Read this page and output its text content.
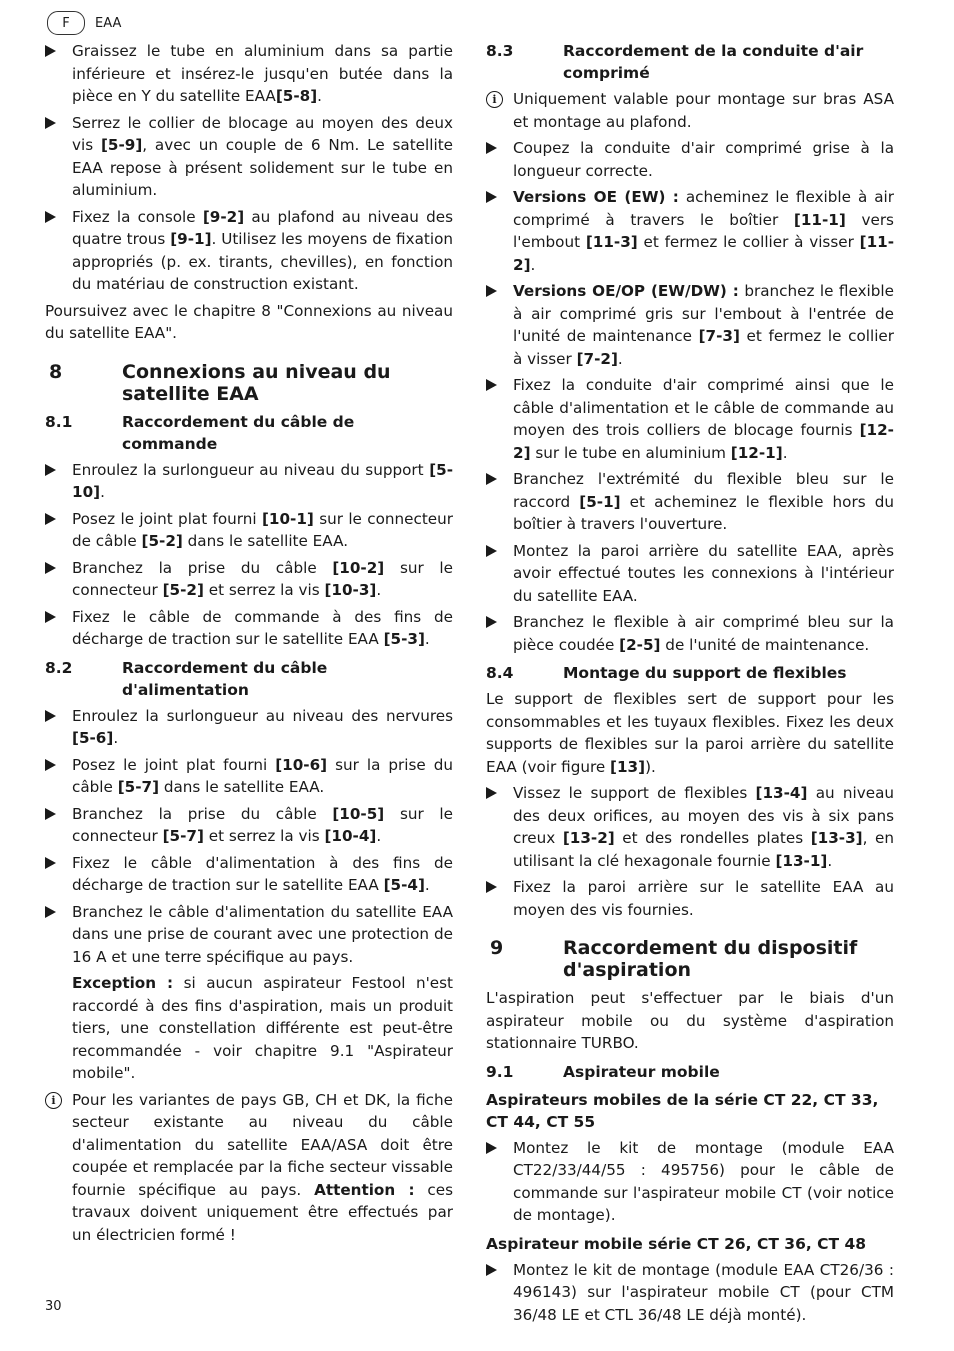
F	EAA
Graissez le tube en aluminium dans sa partie inférieure et insérez-le jusqu'en butée dans la pièce en Y du satellite EAA[5-8].
Serrez le collier de blocage au moyen des deux vis [5-9], avec un couple de 6 Nm. Le satellite EAA repose à présent solidement sur le tube en aluminium.
Fixez la console [9-2] au plafond au niveau des quatre trous [9-1]. Utilisez les moyens de fixation appropriés (p. ex. tirants, chevilles), en fonction du matériau de construction existant.
Poursuivez avec le chapitre 8 "Connexions au niveau du satellite EAA".
8	Connexions au niveau du satellite EAA
8.1	Raccordement du câble de commande
Enroulez la surlongueur au niveau du support [5-10].
Posez le joint plat fourni [10-1] sur le connecteur de câble [5-2] dans le satellite EAA.
Branchez la prise du câble [10-2] sur le connecteur [5-2] et serrez la vis [10-3].
Fixez le câble de commande à des fins de décharge de traction sur le satellite EAA [5-3].
8.2	Raccordement du câble d'alimentation
Enroulez la surlongueur au niveau des nervures [5-6].
Posez le joint plat fourni [10-6] sur la prise du câble [5-7] dans le satellite EAA.
Branchez la prise du câble [10-5] sur le connecteur [5-7] et serrez la vis [10-4].
Fixez le câble d'alimentation à des fins de décharge de traction sur le satellite EAA [5-4].
Branchez le câble d'alimentation du satellite EAA dans une prise de courant avec une protection de 16 A et une terre spécifique au pays.
Exception : si aucun aspirateur Festool n'est raccordé à des fins d'aspiration, mais un produit tiers, une constellation différente est peut-être recommandée - voir chapitre 9.1 "Aspirateur mobile".
i	Pour les variantes de pays GB, CH et DK, la fiche secteur existante au niveau du câble d'alimentation du satellite EAA/ASA doit être coupée et remplacée par la fiche secteur vissable fournie spécifique au pays. Attention : ces travaux doivent uniquement être effectués par un électricien formé !
8.3	Raccordement de la conduite d'air comprimé
i	Uniquement valable pour montage sur bras ASA et montage au plafond.
Coupez la conduite d'air comprimé grise à la longueur correcte.
Versions OE (EW) : acheminez le flexible à air comprimé à travers le boîtier [11-1] vers l'embout [11-3] et fermez le collier à visser [11-2].
Versions OE/OP (EW/DW) : branchez le flexible à air comprimé gris sur l'embout à l'entrée de l'unité de maintenance [7-3] et fermez le collier à visser [7-2].
Fixez la conduite d'air comprimé ainsi que le câble d'alimentation et le câble de commande au moyen des trois colliers de blocage fournis [12-2] sur le tube en aluminium [12-1].
Branchez l'extrémité du flexible bleu sur le raccord [5-1] et acheminez le flexible hors du boîtier à travers l'ouverture.
Montez la paroi arrière du satellite EAA, après avoir effectué toutes les connexions à l'intérieur du satellite EAA.
Branchez le flexible à air comprimé bleu sur la pièce coudée [2-5] de l'unité de maintenance.
8.4	Montage du support de flexibles
Le support de flexibles sert de support pour les consommables et les tuyaux flexibles. Fixez les deux supports de flexibles sur la paroi arrière du satellite EAA (voir figure [13]).
Vissez le support de flexibles [13-4] au niveau des deux orifices, au moyen des vis à six pans creux [13-2] et des rondelles plates [13-3], en utilisant la clé hexagonale fournie [13-1].
Fixez la paroi arrière sur le satellite EAA au moyen des vis fournies.
9	Raccordement du dispositif d'aspiration
L'aspiration peut s'effectuer par le biais d'un aspirateur mobile ou du système d'aspiration stationnaire TURBO.
9.1	Aspirateur mobile
Aspirateurs mobiles de la série CT 22, CT 33, CT 44, CT 55
Montez le kit de montage (module EAA CT22/33/44/55 : 495756) pour le câble de commande sur l'aspirateur mobile CT (voir notice de montage).
Aspirateur mobile série CT 26, CT 36, CT 48
Montez le kit de montage (module EAA CT26/36 : 496143) sur l'aspirateur mobile CT (pour CTM 36/48 LE et CTL 36/48 LE déjà monté).
30
